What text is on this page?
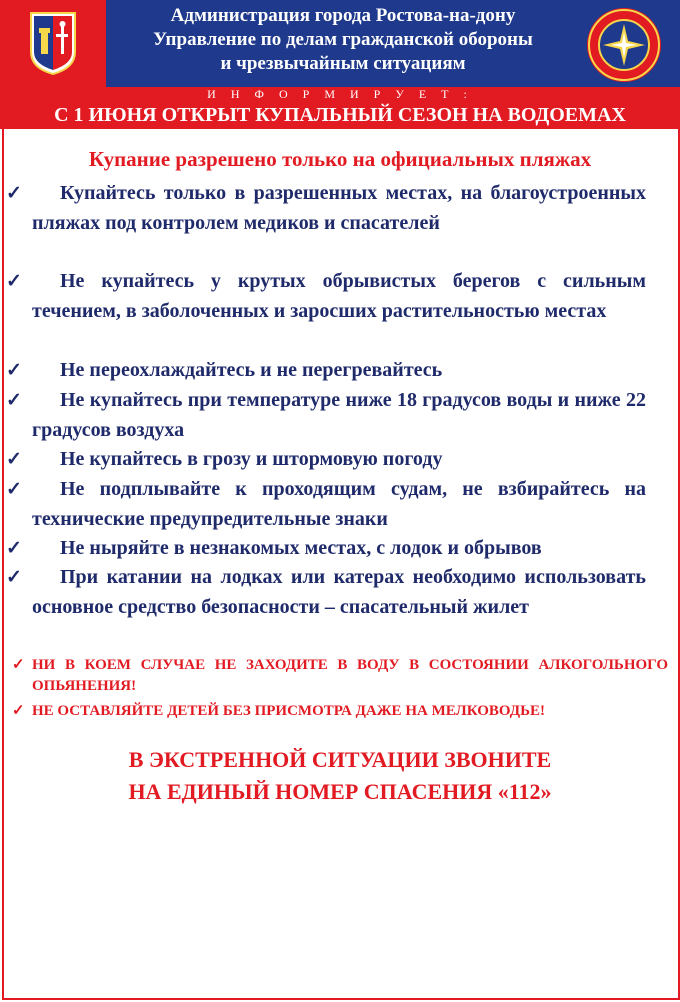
Администрация города Ростова-на-дону
Управление по делам гражданской обороны
и чрезвычайным ситуациям
И Н Ф О Р М И Р У Е Т :
С 1 ИЮНЯ ОТКРЫТ КУПАЛЬНЫЙ СЕЗОН НА ВОДОЕМАХ
Купание разрешено только на официальных пляжах
✓	Купайтесь только в разрешенных местах, на благоустроенных пляжах под контролем медиков и спасателей
✓	Не купайтесь у крутых обрывистых берегов с сильным течением, в заболоченных и заросших растительностью местах
✓	Не переохлаждайтесь и не перегревайтесь
✓	Не купайтесь при температуре ниже 18 градусов воды и ниже 22 градусов воздуха
✓	Не купайтесь в грозу и штормовую погоду
✓	Не подплывайте к проходящим судам, не взбирайтесь на технические предупредительные знаки
✓	Не ныряйте в незнакомых местах, с лодок и обрывов
✓	При катании на лодках или катерах необходимо использовать основное средство безопасности – спасательный жилет
✓ НИ В КОЕМ СЛУЧАЕ НЕ ЗАХОДИТЕ В ВОДУ В СОСТОЯНИИ АЛКОГОЛЬНОГО ОПЬЯНЕНИЯ!
✓ НЕ ОСТАВЛЯЙТЕ ДЕТЕЙ БЕЗ ПРИСМОТРА ДАЖЕ НА МЕЛКОВОДЬЕ!
В ЭКСТРЕННОЙ СИТУАЦИИ ЗВОНИТЕ
НА ЕДИНЫЙ НОМЕР СПАСЕНИЯ «112»
